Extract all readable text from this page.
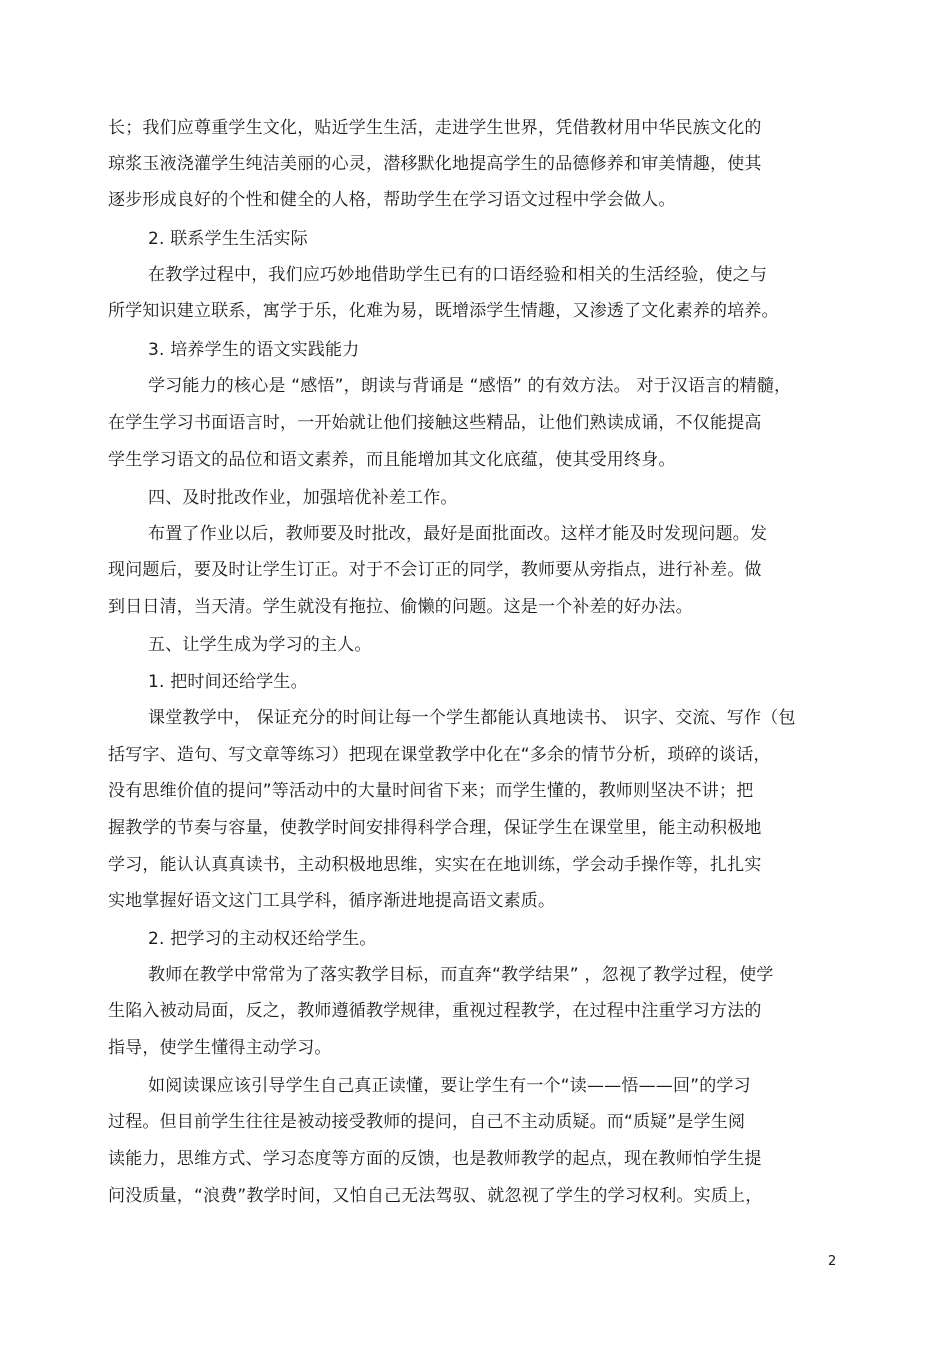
长；我们应尊重学生文化，贴近学生生活，走进学生世界，凭借教材用中华民族文化的
琼浆玉液浇灌学生纯洁美丽的心灵，潜移默化地提高学生的品德修养和审美情趣，使其
逐步形成良好的个性和健全的人格，帮助学生在学习语文过程中学会做人。
2. 联系学生生活实际
在教学过程中，我们应巧妙地借助学生已有的口语经验和相关的生活经验，使之与
所学知识建立联系，寓学于乐，化难为易，既增添学生情趣，又渗透了文化素养的培养。
3. 培养学生的语文实践能力
学习能力的核心是 “感悟”，朗读与背诵是 “感悟” 的有效方法。 对于汉语言的精髓，
在学生学习书面语言时，一开始就让他们接触这些精品，让他们熟读成诵，不仅能提高
学生学习语文的品位和语文素养，而且能增加其文化底蕴，使其受用终身。
四、及时批改作业，加强培优补差工作。
布置了作业以后，教师要及时批改，最好是面批面改。这样才能及时发现问题。发
现问题后，要及时让学生订正。对于不会订正的同学，教师要从旁指点，进行补差。做
到日日清，当天清。学生就没有拖拉、偷懒的问题。这是一个补差的好办法。
五、让学生成为学习的主人。
1. 把时间还给学生。
课堂教学中， 保证充分的时间让每一个学生都能认真地读书、 识字、交流、写作（包
括写字、造句、写文章等练习）把现在课堂教学中化在“多余的情节分析，琐碎的谈话，
没有思维价值的提问”等活动中的大量时间省下来；而学生懂的，教师则坚决不讲；把
握教学的节奏与容量，使教学时间安排得科学合理，保证学生在课堂里，能主动积极地
学习，能认认真真读书，主动积极地思维，实实在在地训练，学会动手操作等，扎扎实
实地掌握好语文这门工具学科，循序渐进地提高语文素质。
2. 把学习的主动权还给学生。
教师在教学中常常为了落实教学目标，而直奔“教学结果” ，忽视了教学过程，使学
生陷入被动局面，反之，教师遵循教学规律，重视过程教学，在过程中注重学习方法的
指导，使学生懂得主动学习。
如阅读课应该引导学生自己真正读懂，要让学生有一个“读——悟——回”的学习
过程。但目前学生往往是被动接受教师的提问，自己不主动质疑。而“质疑”是学生阅
读能力，思维方式、学习态度等方面的反馈，也是教师教学的起点，现在教师怕学生提
问没质量，“浪费”教学时间，又怕自己无法驾驭、就忽视了学生的学习权利。实质上，
2
